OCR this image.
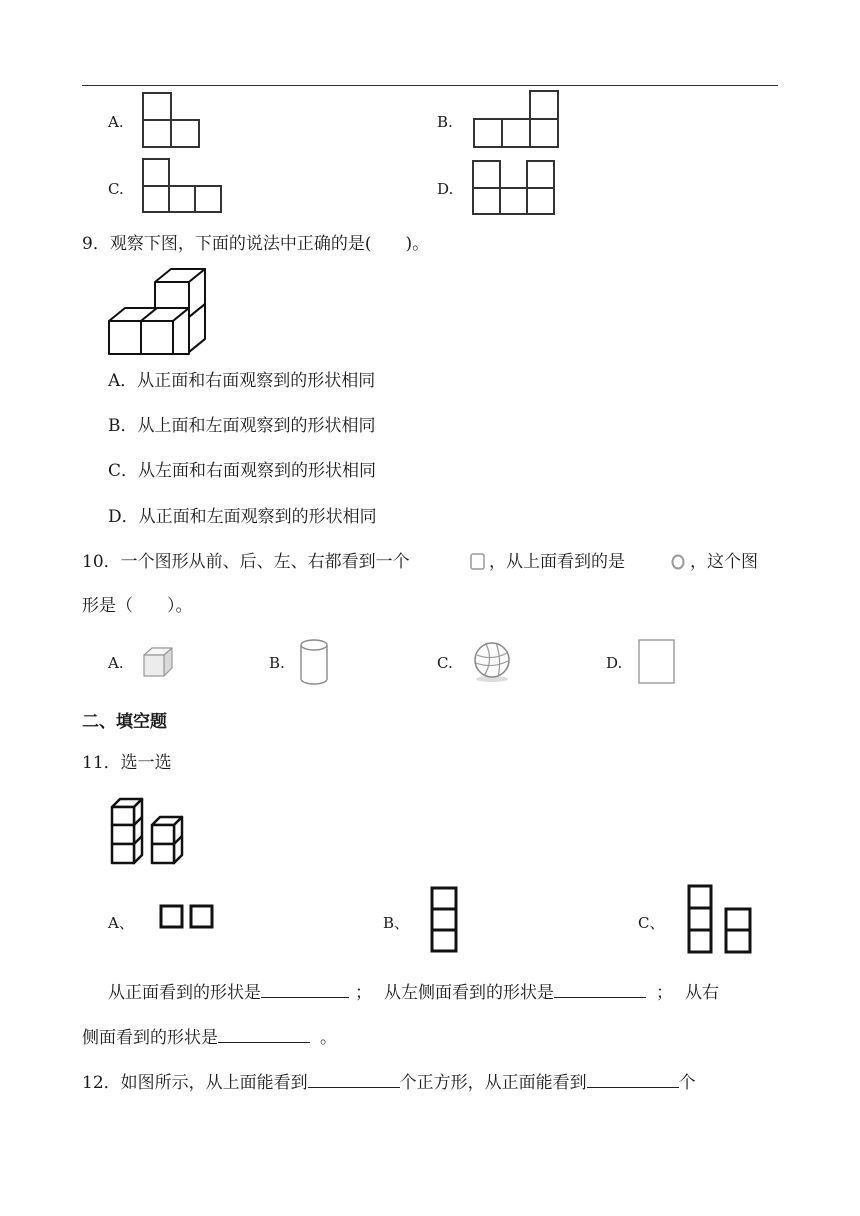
A.	B.
C.	D.
9．观察下图，下面的说法中正确的是(　　)。
A．从正面和右面观察到的形状相同
B．从上面和左面观察到的形状相同
C．从左面和右面观察到的形状相同
D．从正面和左面观察到的形状相同
10．一个图形从前、后、左、右都看到一个	，从上面看到的是	，这个图
形是（　　）。
A.	B.	C.	D.
二、填空题
11．选一选
A、	B、	C、
从正面看到的形状是	； 从左侧面看到的形状是	； 从右
侧面看到的形状是	。
12．如图所示，从上面能看到	个正方形，从正面能看到	个
